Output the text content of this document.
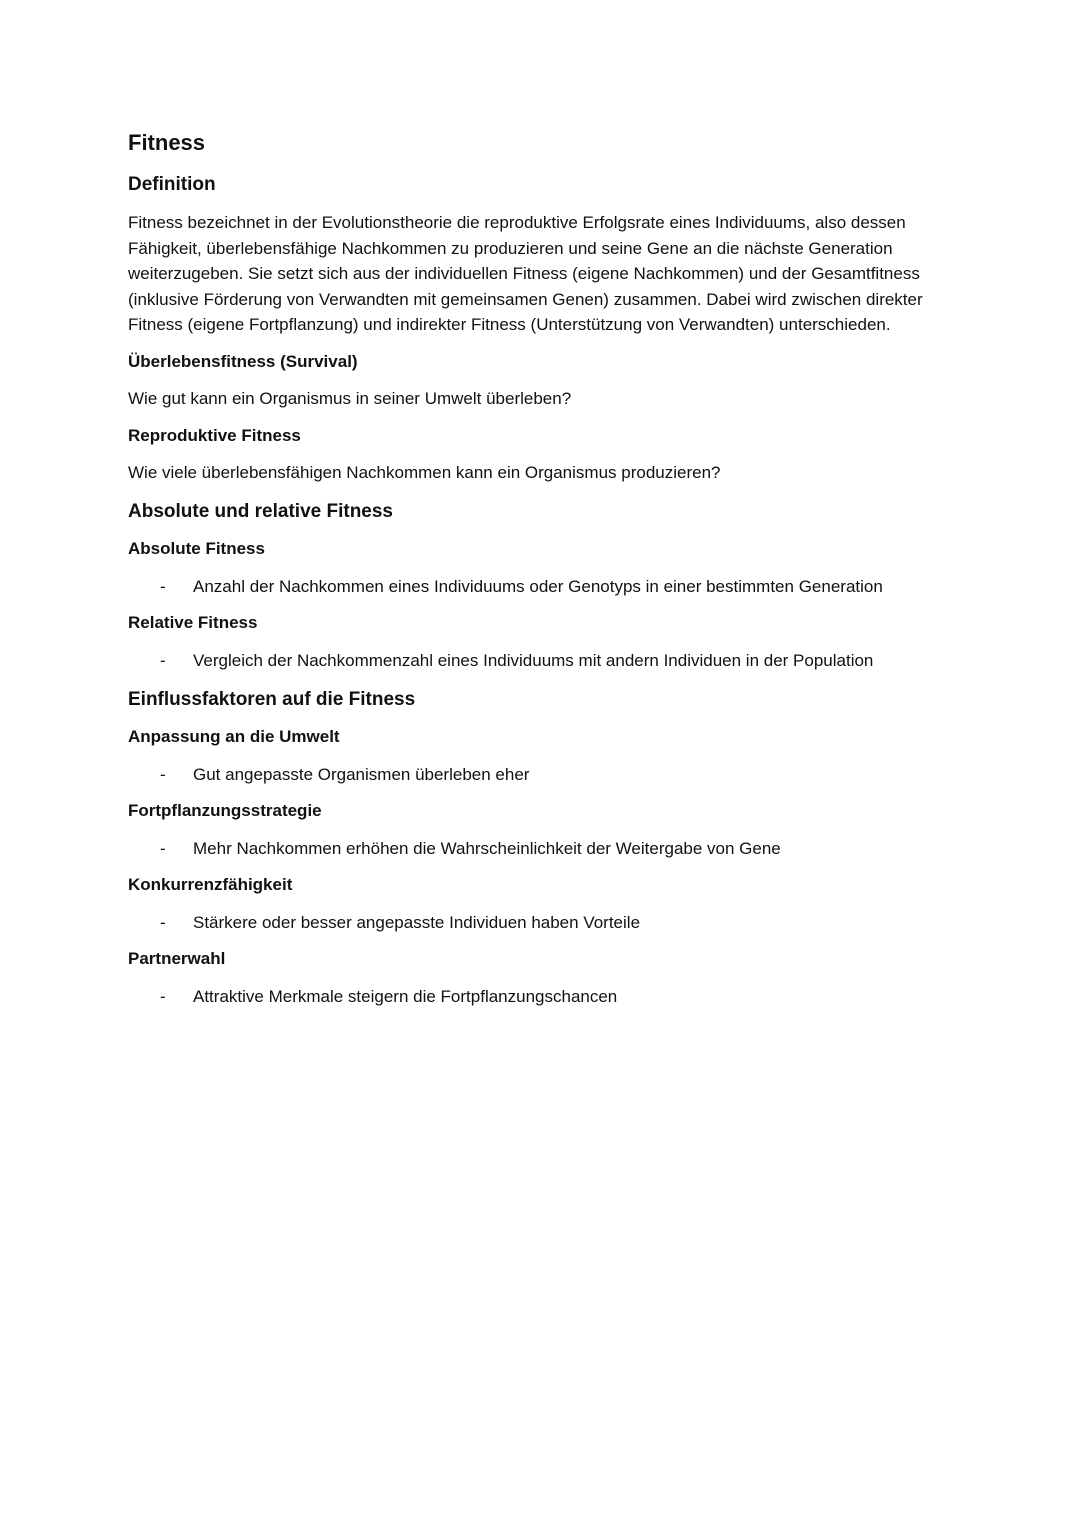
Fitness
Definition

Fitness bezeichnet in der Evolutionstheorie die reproduktive Erfolgsrate eines Individuums, also dessen Fähigkeit, überlebensfähige Nachkommen zu produzieren und seine Gene an die nächste Generation weiterzugeben. Sie setzt sich aus der individuellen Fitness (eigene Nachkommen) und der Gesamtfitness (inklusive Förderung von Verwandten mit gemeinsamen Genen) zusammen. Dabei wird zwischen direkter Fitness (eigene Fortpflanzung) und indirekter Fitness (Unterstützung von Verwandten) unterschieden.

Überlebensfitness (Survival)

Wie gut kann ein Organismus in seiner Umwelt überleben?

Reproduktive Fitness

Wie viele überlebensfähigen Nachkommen kann ein Organismus produzieren?

Absolute und relative Fitness
Absolute Fitness
- Anzahl der Nachkommen eines Individuums oder Genotyps in einer bestimmten Generation
Relative Fitness
- Vergleich der Nachkommenzahl eines Individuums mit andern Individuen in der Population
Einflussfaktoren auf die Fitness
Anpassung an die Umwelt
- Gut angepasste Organismen überleben eher
Fortpflanzungsstrategie
- Mehr Nachkommen erhöhen die Wahrscheinlichkeit der Weitergabe von Gene
Konkurrenzfähigkeit
- Stärkere oder besser angepasste Individuen haben Vorteile
Partnerwahl
- Attraktive Merkmale steigern die Fortpflanzungschancen
